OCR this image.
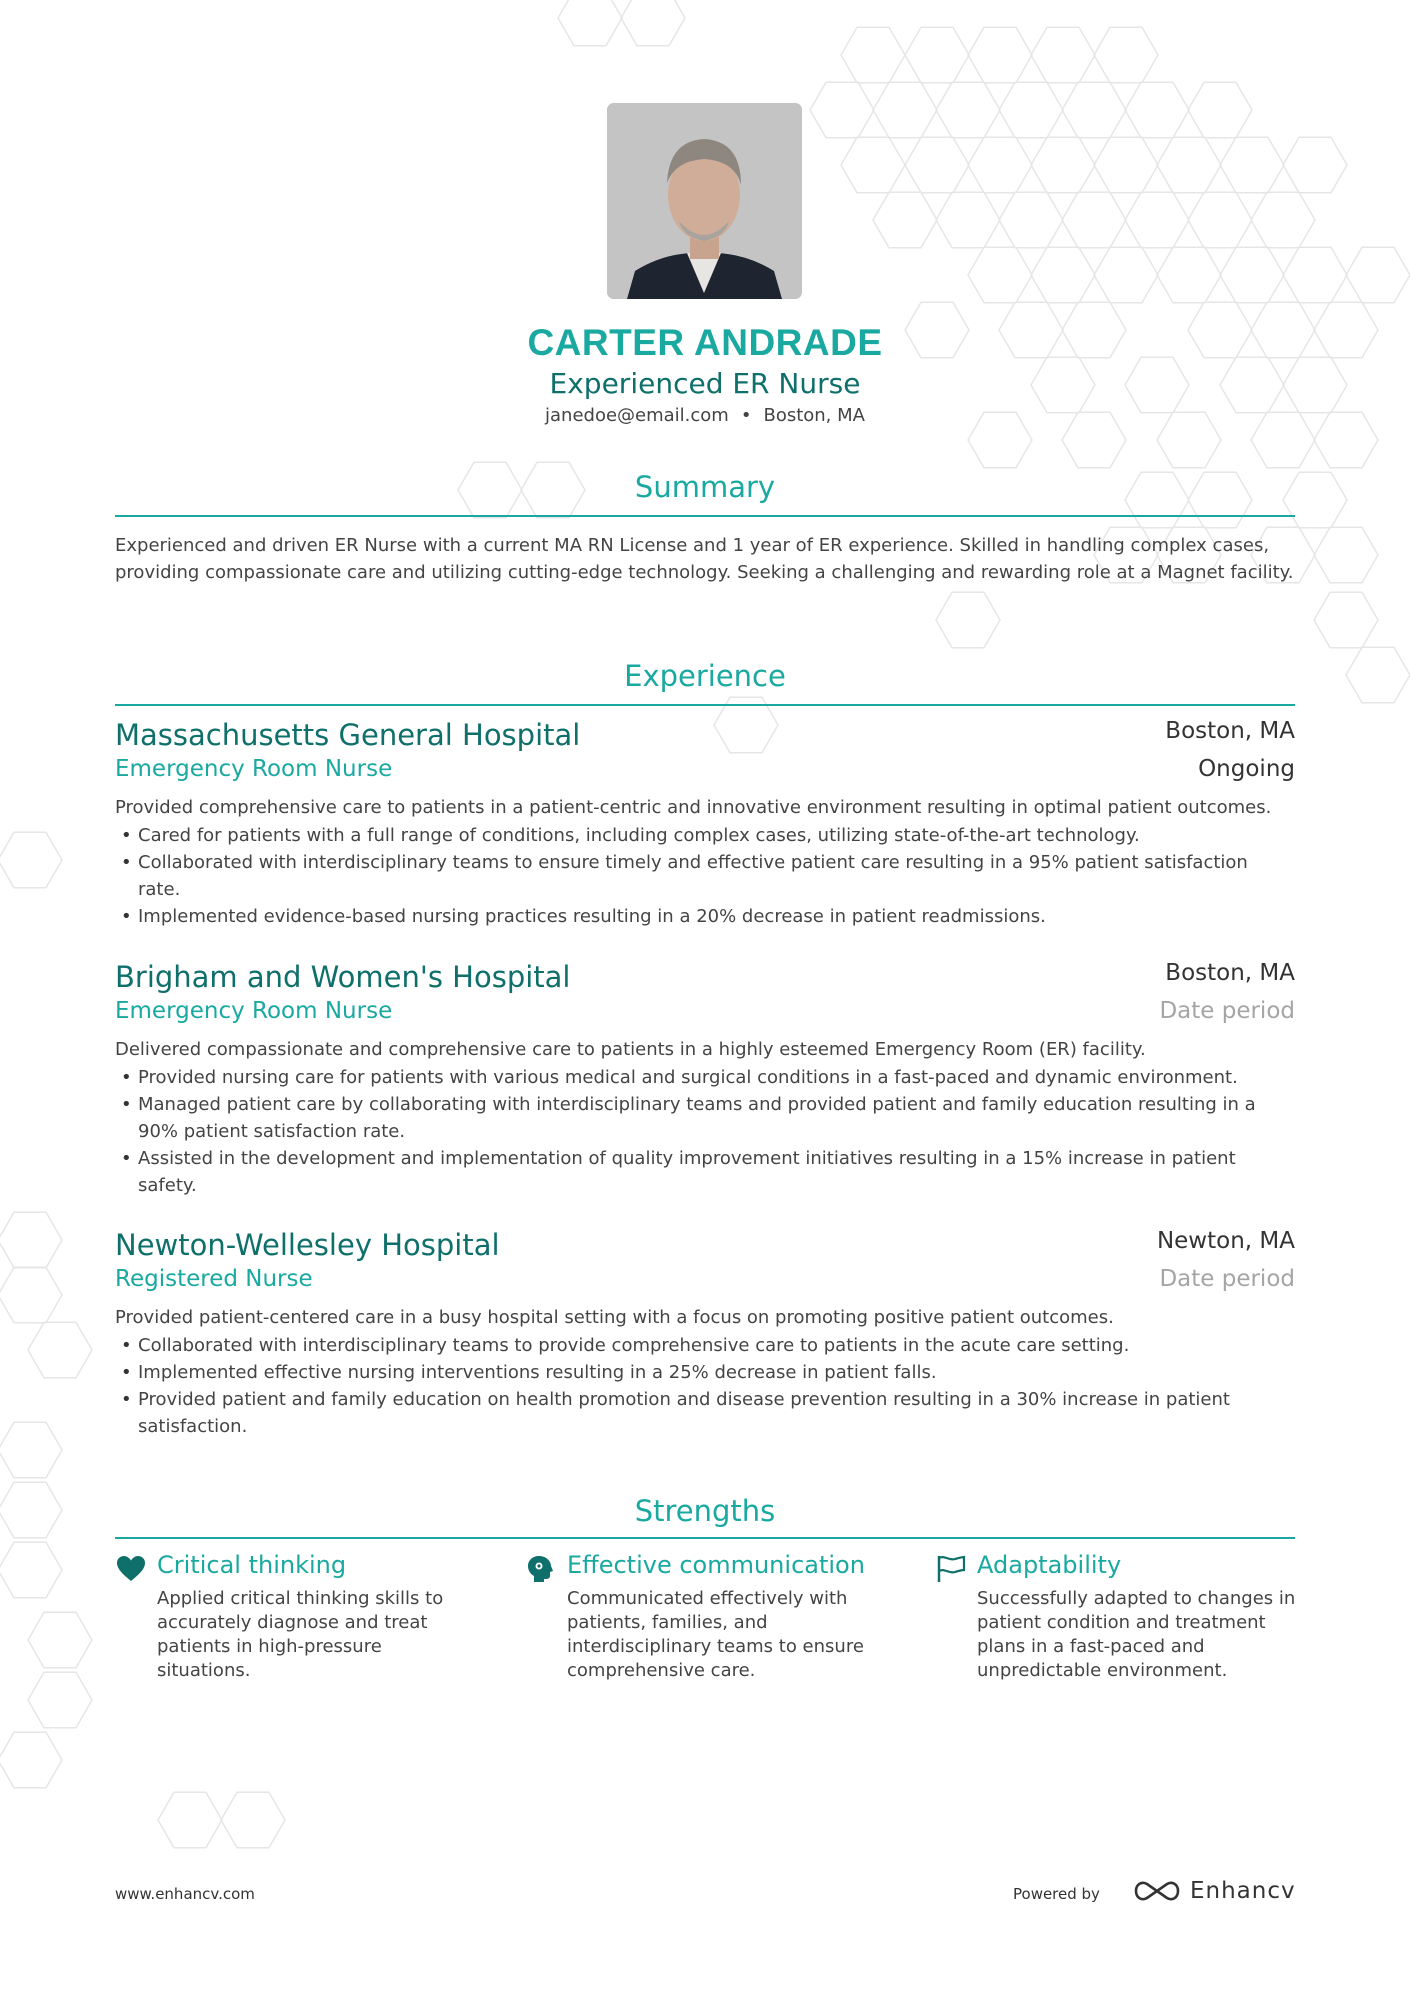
CARTER ANDRADE
Experienced ER Nurse
janedoe@email.com • Boston, MA
Summary
Experienced and driven ER Nurse with a current MA RN License and 1 year of ER experience. Skilled in handling complex cases, providing compassionate care and utilizing cutting-edge technology. Seeking a challenging and rewarding role at a Magnet facility.
Experience
Massachusetts General Hospital	Boston, MA
Emergency Room Nurse	Ongoing
Provided comprehensive care to patients in a patient-centric and innovative environment resulting in optimal patient outcomes.
• Cared for patients with a full range of conditions, including complex cases, utilizing state-of-the-art technology.
• Collaborated with interdisciplinary teams to ensure timely and effective patient care resulting in a 95% patient satisfaction rate.
• Implemented evidence-based nursing practices resulting in a 20% decrease in patient readmissions.
Brigham and Women's Hospital	Boston, MA
Emergency Room Nurse	Date period
Delivered compassionate and comprehensive care to patients in a highly esteemed Emergency Room (ER) facility.
• Provided nursing care for patients with various medical and surgical conditions in a fast-paced and dynamic environment.
• Managed patient care by collaborating with interdisciplinary teams and provided patient and family education resulting in a 90% patient satisfaction rate.
• Assisted in the development and implementation of quality improvement initiatives resulting in a 15% increase in patient safety.
Newton-Wellesley Hospital	Newton, MA
Registered Nurse	Date period
Provided patient-centered care in a busy hospital setting with a focus on promoting positive patient outcomes.
• Collaborated with interdisciplinary teams to provide comprehensive care to patients in the acute care setting.
• Implemented effective nursing interventions resulting in a 25% decrease in patient falls.
• Provided patient and family education on health promotion and disease prevention resulting in a 30% increase in patient satisfaction.
Strengths
Critical thinking
Applied critical thinking skills to accurately diagnose and treat patients in high-pressure situations.
Effective communication
Communicated effectively with patients, families, and interdisciplinary teams to ensure comprehensive care.
Adaptability
Successfully adapted to changes in patient condition and treatment plans in a fast-paced and unpredictable environment.
www.enhancv.com	Powered by	Enhancv
